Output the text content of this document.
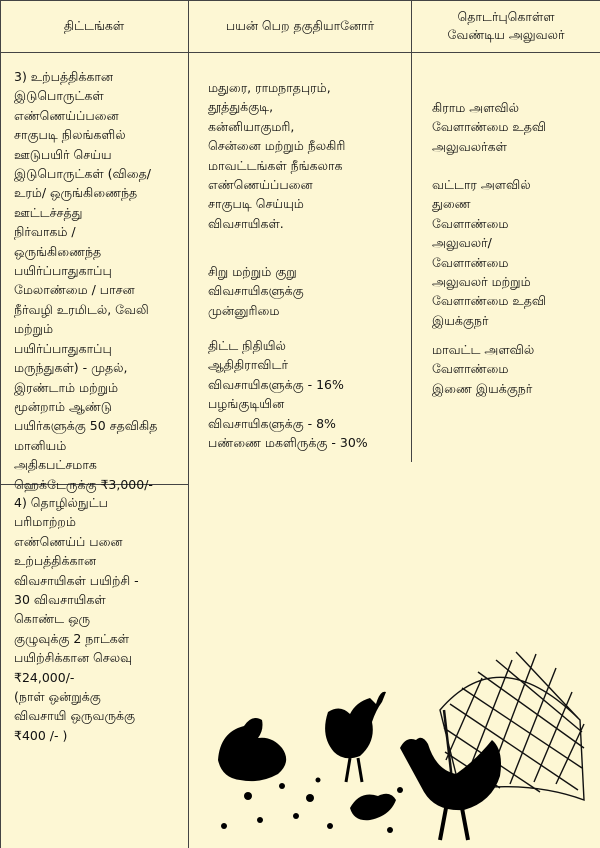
திட்டங்கள்	பயன் பெற தகுதியானோர்
தொடர்புகொள்ள
வேண்டிய அலுவலர்
3) உற்பத்திக்கான
இடுபொருட்கள்
எண்ணெய்ப்பனை
சாகுபடி நிலங்களில்
ஊடுபயிர் செய்ய
இடுபொருட்கள் (விதை/
உரம்/ ஒருங்கிணைந்த
ஊட்டச்சத்து
நிர்வாகம் /
ஒருங்கிணைந்த
பயிர்ப்பாதுகாப்பு
மேலாண்மை / பாசன
நீர்வழி உரமிடல், வேலி
மற்றும்
பயிர்ப்பாதுகாப்பு
மருந்துகள்) - முதல்,
இரண்டாம் மற்றும்
மூன்றாம் ஆண்டு
பயிர்களுக்கு 50 சதவிகித
மானியம்
அதிகபட்சமாக
ஹெக்டேருக்கு ₹3,000/-
4) தொழில்நுட்ப
பரிமாற்றம்
எண்ணெய்ப் பனை
உற்பத்திக்கான
விவசாயிகள் பயிற்சி -
30 விவசாயிகள்
கொண்ட ஒரு
குழுவுக்கு 2 நாட்கள்
பயிற்சிக்கான செலவு
₹24,000/-
(நாள் ஒன்றுக்கு
விவசாயி ஒருவருக்கு
₹400 /- )
மதுரை, ராமநாதபுரம்,
தூத்துக்குடி,
கன்னியாகுமரி,
சென்னை மற்றும் நீலகிரி
மாவட்டங்கள் நீங்கலாக
எண்ணெய்ப்பனை
சாகுபடி செய்யும்
விவசாயிகள்.
சிறு மற்றும் குறு
விவசாயிகளுக்கு
முன்னுரிமை
திட்ட நிதியில்
ஆதிதிராவிடர்
விவசாயிகளுக்கு - 16%
பழங்குடியின
விவசாயிகளுக்கு - 8%
பண்ணை மகளிருக்கு - 30%
கிராம அளவில்
வேளாண்மை உதவி
அலுவலர்கள்
வட்டார அளவில்
துணை
வேளாண்மை
அலுவலர்/
வேளாண்மை
அலுவலர் மற்றும்
வேளாண்மை உதவி
இயக்குநர்
மாவட்ட அளவில்
வேளாண்மை
இணை இயக்குநர்
